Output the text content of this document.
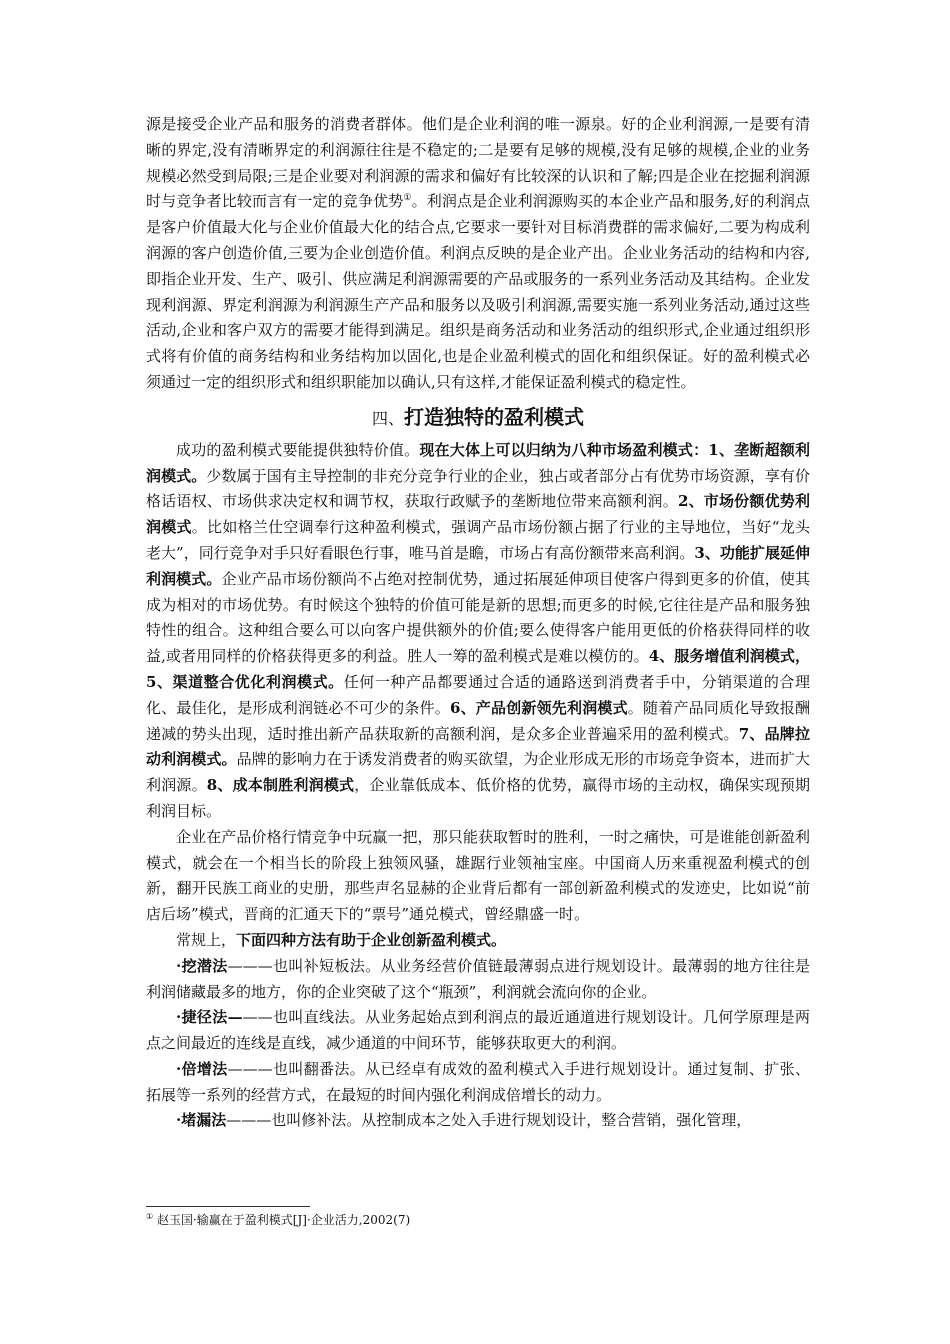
源是接受企业产品和服务的消费者群体。他们是企业利润的唯一源泉。好的企业利润源,一是要有清晰的界定,没有清晰界定的利润源往往是不稳定的;二是要有足够的规模,没有足够的规模,企业的业务规模必然受到局限;三是企业要对利润源的需求和偏好有比较深的认识和了解;四是企业在挖掘利润源时与竞争者比较而言有一定的竞争优势①。利润点是企业利润源购买的本企业产品和服务,好的利润点是客户价值最大化与企业价值最大化的结合点,它要求一要针对目标消费群的需求偏好,二要为构成利润源的客户创造价值,三要为企业创造价值。利润点反映的是企业产出。企业业务活动的结构和内容,即指企业开发、生产、吸引、供应满足利润源需要的产品或服务的一系列业务活动及其结构。企业发现利润源、界定利润源为利润源生产产品和服务以及吸引利润源,需要实施一系列业务活动,通过这些活动,企业和客户双方的需要才能得到满足。组织是商务活动和业务活动的组织形式,企业通过组织形式将有价值的商务结构和业务结构加以固化,也是企业盈利模式的固化和组织保证。好的盈利模式必须通过一定的组织形式和组织职能加以确认,只有这样,才能保证盈利模式的稳定性。

四、打造独特的盈利模式

成功的盈利模式要能提供独特价值。现在大体上可以归纳为八种市场盈利模式：1、垄断超额利润模式。少数属于国有主导控制的非充分竞争行业的企业，独占或者部分占有优势市场资源，享有价格话语权、市场供求决定权和调节权，获取行政赋予的垄断地位带来高额利润。2、市场份额优势利润模式。比如格兰仕空调奉行这种盈利模式，强调产品市场份额占据了行业的主导地位，当好“龙头老大”，同行竞争对手只好看眼色行事，唯马首是瞻，市场占有高份额带来高利润。3、功能扩展延伸利润模式。企业产品市场份额尚不占绝对控制优势，通过拓展延伸项目使客户得到更多的价值，使其成为相对的市场优势。有时候这个独特的价值可能是新的思想;而更多的时候,它往往是产品和服务独特性的组合。这种组合要么可以向客户提供额外的价值;要么使得客户能用更低的价格获得同样的收益,或者用同样的价格获得更多的利益。胜人一筹的盈利模式是难以模仿的。4、服务增值利润模式，5、渠道整合优化利润模式。任何一种产品都要通过合适的通路送到消费者手中，分销渠道的合理化、最佳化，是形成利润链必不可少的条件。6、产品创新领先利润模式。随着产品同质化导致报酬递减的势头出现，适时推出新产品获取新的高额利润，是众多企业普遍采用的盈利模式。7、品牌拉动利润模式。品牌的影响力在于诱发消费者的购买欲望，为企业形成无形的市场竞争资本，进而扩大利润源。8、成本制胜利润模式，企业靠低成本、低价格的优势，赢得市场的主动权，确保实现预期利润目标。

企业在产品价格行情竞争中玩赢一把，那只能获取暂时的胜利，一时之痛快，可是谁能创新盈利模式，就会在一个相当长的阶段上独领风骚，雄踞行业领袖宝座。中国商人历来重视盈利模式的创新，翻开民族工商业的史册，那些声名显赫的企业背后都有一部创新盈利模式的发迹史，比如说“前店后场”模式，晋商的汇通天下的“票号”通兑模式，曾经鼎盛一时。

常规上，下面四种方法有助于企业创新盈利模式。

·挖潜法———也叫补短板法。从业务经营价值链最薄弱点进行规划设计。最薄弱的地方往往是利润储藏最多的地方，你的企业突破了这个“瓶颈”，利润就会流向你的企业。

·捷径法———也叫直线法。从业务起始点到利润点的最近通道进行规划设计。几何学原理是两点之间最近的连线是直线，减少通道的中间环节，能够获取更大的利润。

·倍增法———也叫翻番法。从已经卓有成效的盈利模式入手进行规划设计。通过复制、扩张、拓展等一系列的经营方式，在最短的时间内强化利润成倍增长的动力。

·堵漏法———也叫修补法。从控制成本之处入手进行规划设计，整合营销，强化管理，

① 赵玉国·输赢在于盈利模式[J]·企业活力,2002(7)
